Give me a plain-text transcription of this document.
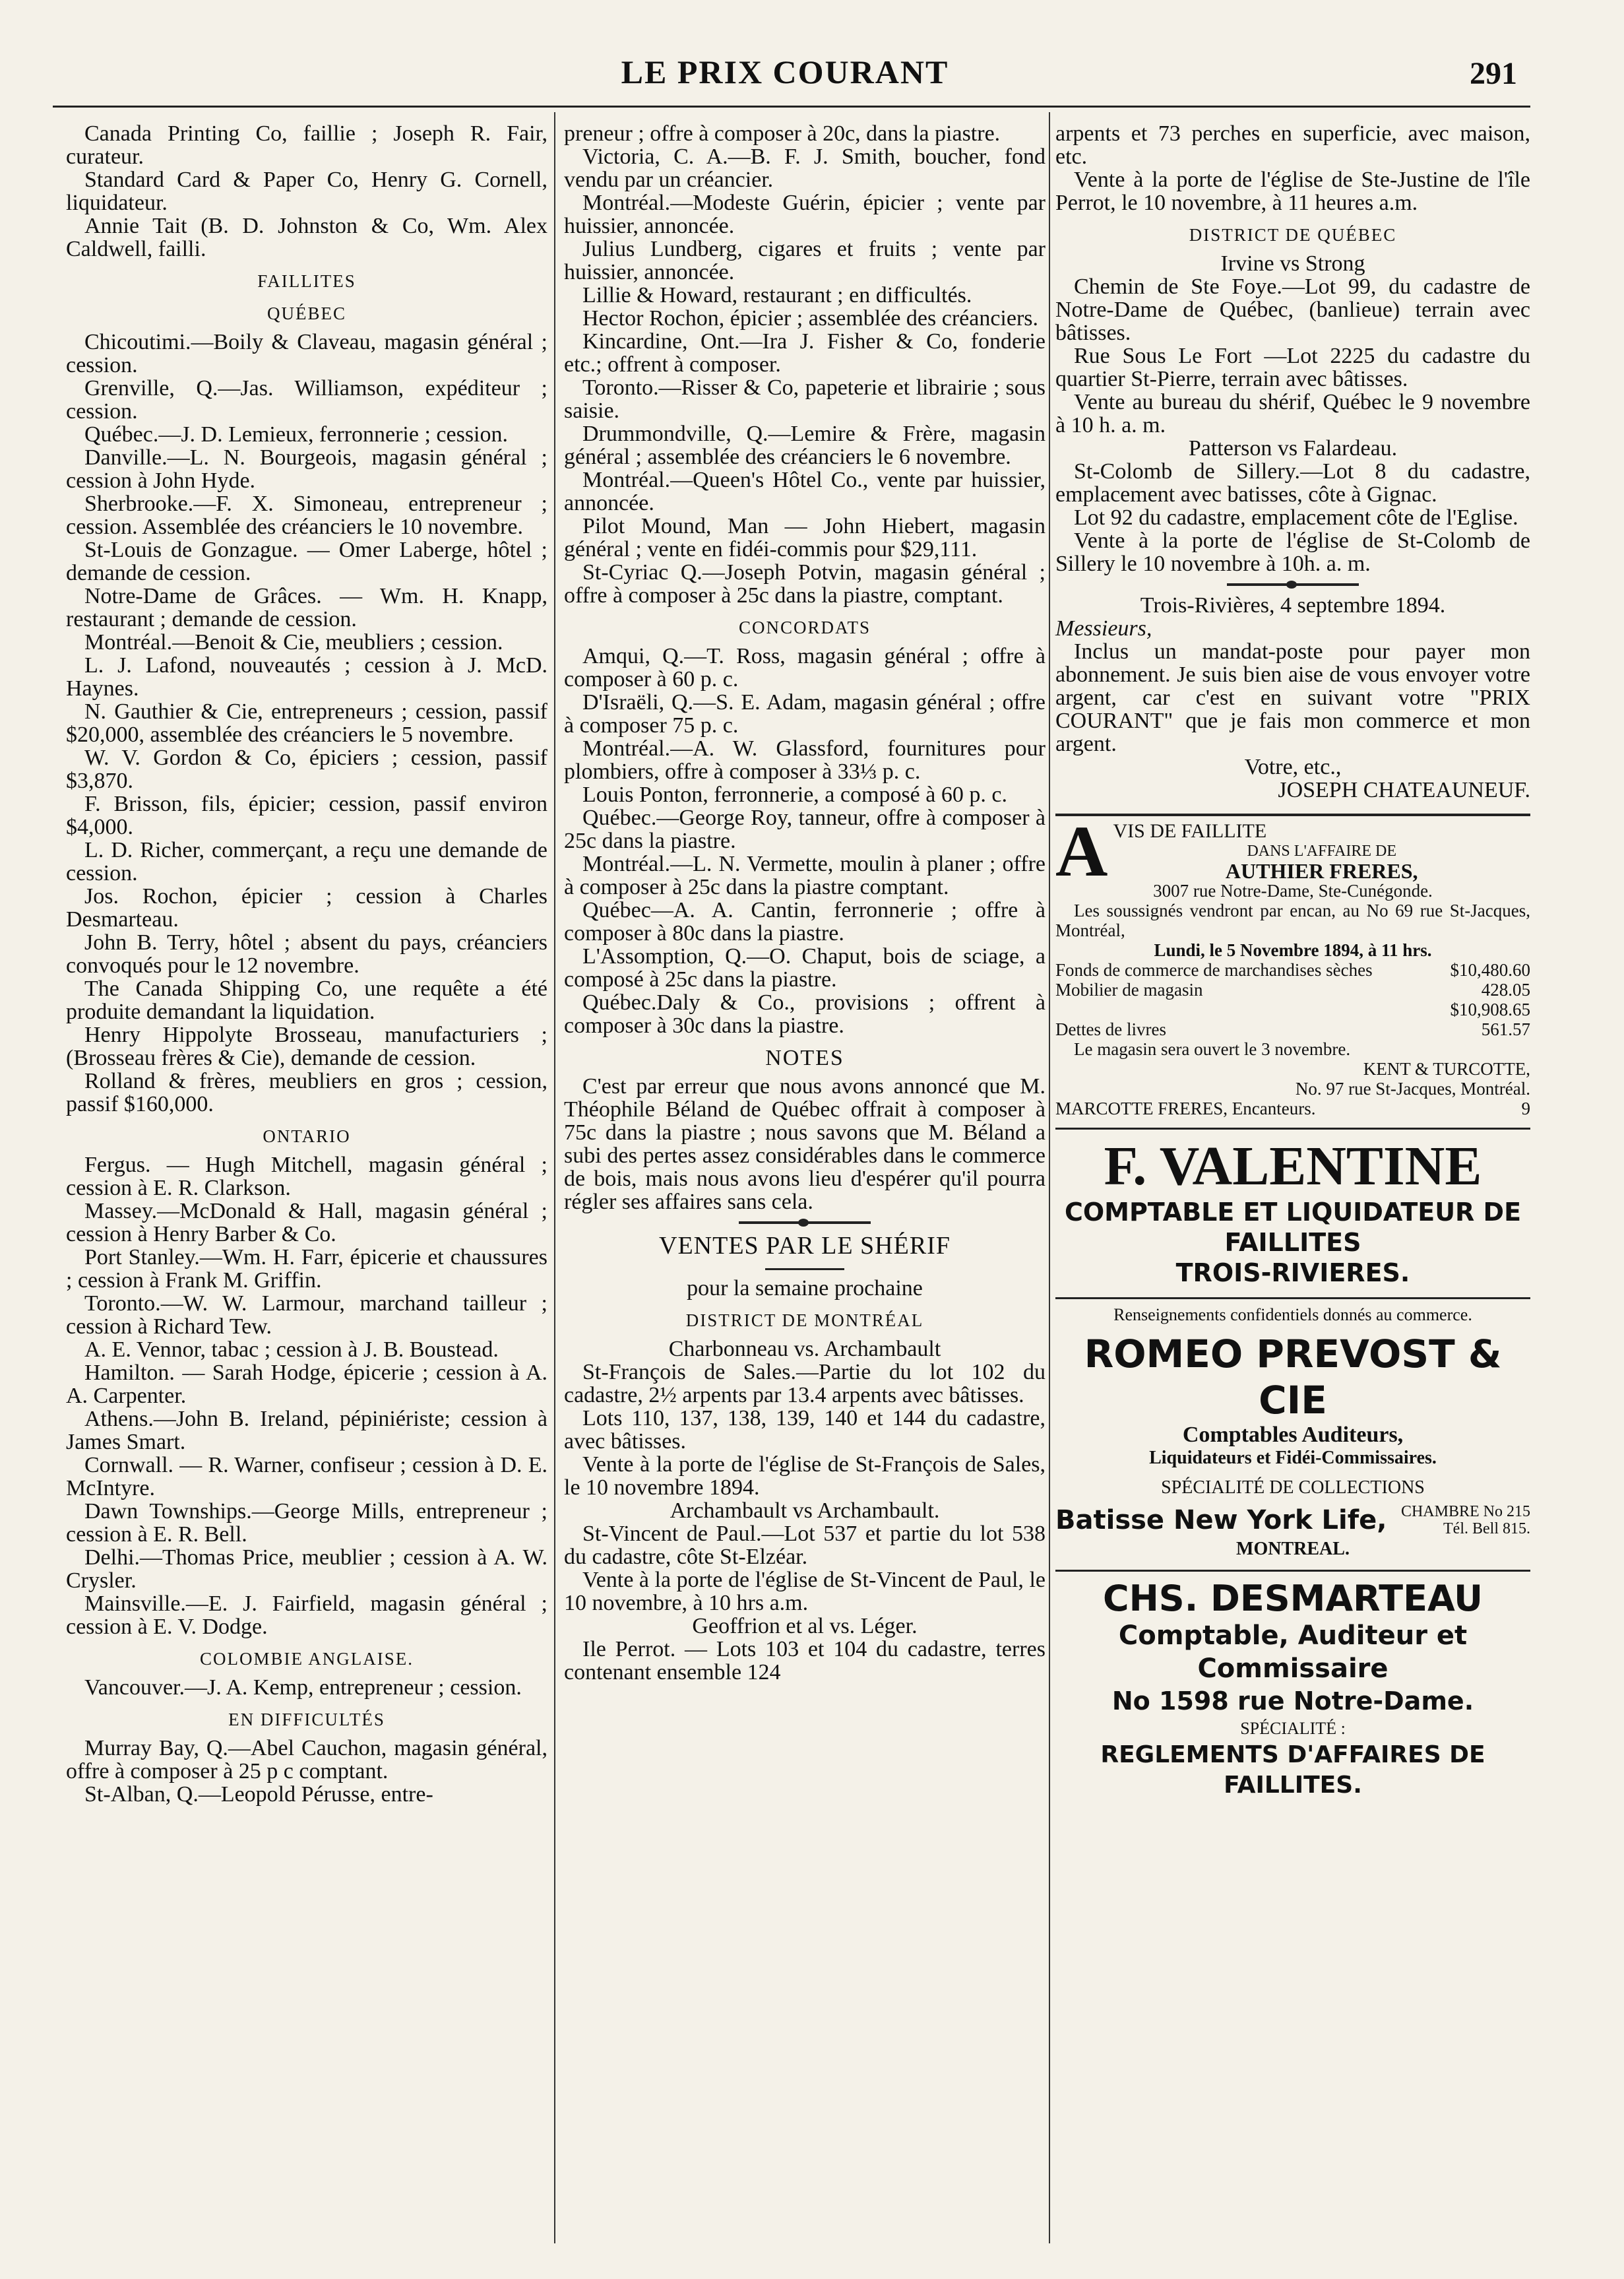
LE PRIX COURANT	291

Canada Printing Co, faillie ; Joseph R. Fair, curateur.

Standard Card & Paper Co, Henry G. Cornell, liquidateur.

Annie Tait (B. D. Johnston & Co, Wm. Alex Caldwell, failli.

FAILLITES

QUÉBEC

Chicoutimi.—Boily & Claveau, magasin général ; cession.

Grenville, Q.—Jas. Williamson, expéditeur ; cession.

Québec.—J. D. Lemieux, ferronnerie ; cession.

Danville.—L. N. Bourgeois, magasin général ; cession à John Hyde.

Sherbrooke.—F. X. Simoneau, entrepreneur ; cession. Assemblée des créanciers le 10 novembre.

St-Louis de Gonzague. — Omer Laberge, hôtel ; demande de cession.

Notre-Dame de Grâces. — Wm. H. Knapp, restaurant ; demande de cession.

Montréal.—Benoit & Cie, meubliers ; cession.

L. J. Lafond, nouveautés ; cession à J. McD. Haynes.

N. Gauthier & Cie, entrepreneurs ; cession, passif $20,000, assemblée des créanciers le 5 novembre.

W. V. Gordon & Co, épiciers ; cession, passif $3,870.

F. Brisson, fils, épicier; cession, passif environ $4,000.

L. D. Richer, commerçant, a reçu une demande de cession.

Jos. Rochon, épicier ; cession à Charles Desmarteau.

John B. Terry, hôtel ; absent du pays, créanciers convoqués pour le 12 novembre.

The Canada Shipping Co, une requête a été produite demandant la liquidation.

Henry Hippolyte Brosseau, manufacturiers ; (Brosseau frères & Cie), demande de cession.

Rolland & frères, meubliers en gros ; cession, passif $160,000.

ONTARIO

Fergus. — Hugh Mitchell, magasin général ; cession à E. R. Clarkson.

Massey.—McDonald & Hall, magasin général ; cession à Henry Barber & Co.

Port Stanley.—Wm. H. Farr, épicerie et chaussures ; cession à Frank M. Griffin.

Toronto.—W. W. Larmour, marchand tailleur ; cession à Richard Tew.

A. E. Vennor, tabac ; cession à J. B. Boustead.

Hamilton. — Sarah Hodge, épicerie ; cession à A. A. Carpenter.

Athens.—John B. Ireland, pépiniériste; cession à James Smart.

Cornwall. — R. Warner, confiseur ; cession à D. E. McIntyre.

Dawn Townships.—George Mills, entrepreneur ; cession à E. R. Bell.

Delhi.—Thomas Price, meublier ; cession à A. W. Crysler.

Mainsville.—E. J. Fairfield, magasin général ; cession à E. V. Dodge.

COLOMBIE ANGLAISE.

Vancouver.—J. A. Kemp, entrepreneur ; cession.

EN DIFFICULTÉS

Murray Bay, Q.—Abel Cauchon, magasin général, offre à composer à 25 p c comptant.

St-Alban, Q.—Leopold Pérusse, entre-

preneur ; offre à composer à 20c, dans la piastre.

Victoria, C. A.—B. F. J. Smith, boucher, fond vendu par un créancier.

Montréal.—Modeste Guérin, épicier ; vente par huissier, annoncée.

Julius Lundberg, cigares et fruits ; vente par huissier, annoncée.

Lillie & Howard, restaurant ; en difficultés.

Hector Rochon, épicier ; assemblée des créanciers.

Kincardine, Ont.—Ira J. Fisher & Co, fonderie etc.; offrent à composer.

Toronto.—Risser & Co, papeterie et librairie ; sous saisie.

Drummondville, Q.—Lemire & Frère, magasin général ; assemblée des créanciers le 6 novembre.

Montréal.—Queen's Hôtel Co., vente par huissier, annoncée.

Pilot Mound, Man — John Hiebert, magasin général ; vente en fidéi-commis pour $29,111.

St-Cyriac Q.—Joseph Potvin, magasin général ; offre à composer à 25c dans la piastre, comptant.

CONCORDATS

Amqui, Q.—T. Ross, magasin général ; offre à composer à 60 p. c.

D'Israëli, Q.—S. E. Adam, magasin général ; offre à composer 75 p. c.

Montréal.—A. W. Glassford, fournitures pour plombiers, offre à composer à 33⅓ p. c.

Louis Ponton, ferronnerie, a composé à 60 p. c.

Québec.—George Roy, tanneur, offre à composer à 25c dans la piastre.

Montréal.—L. N. Vermette, moulin à planer ; offre à composer à 25c dans la piastre comptant.

Québec—A. A. Cantin, ferronnerie ; offre à composer à 80c dans la piastre.

L'Assomption, Q.—O. Chaput, bois de sciage, a composé à 25c dans la piastre.

Québec.Daly & Co., provisions ; offrent à composer à 30c dans la piastre.

NOTES

C'est par erreur que nous avons annoncé que M. Théophile Béland de Québec offrait à composer à 75c dans la piastre ; nous savons que M. Béland a subi des pertes assez considérables dans le commerce de bois, mais nous avons lieu d'espérer qu'il pourra régler ses affaires sans cela.

VENTES PAR LE SHÉRIF

pour la semaine prochaine

DISTRICT DE MONTRÉAL

Charbonneau vs. Archambault

St-François de Sales.—Partie du lot 102 du cadastre, 2½ arpents par 13.4 arpents avec bâtisses.

Lots 110, 137, 138, 139, 140 et 144 du cadastre, avec bâtisses.

Vente à la porte de l'église de St-François de Sales, le 10 novembre 1894.

Archambault vs Archambault.

St-Vincent de Paul.—Lot 537 et partie du lot 538 du cadastre, côte St-Elzéar.

Vente à la porte de l'église de St-Vincent de Paul, le 10 novembre, à 10 hrs a.m.

Geoffrion et al vs. Léger.

Ile Perrot. — Lots 103 et 104 du cadastre, terres contenant ensemble 124

arpents et 73 perches en superficie, avec maison, etc.

Vente à la porte de l'église de Ste-Justine de l'île Perrot, le 10 novembre, à 11 heures a.m.

DISTRICT DE QUÉBEC

Irvine vs Strong

Chemin de Ste Foye.—Lot 99, du cadastre de Notre-Dame de Québec, (banlieue) terrain avec bâtisses.

Rue Sous Le Fort —Lot 2225 du cadastre du quartier St-Pierre, terrain avec bâtisses.

Vente au bureau du shérif, Québec le 9 novembre à 10 h. a. m.

Patterson vs Falardeau.

St-Colomb de Sillery.—Lot 8 du cadastre, emplacement avec batisses, côte à Gignac.

Lot 92 du cadastre, emplacement côte de l'Eglise.

Vente à la porte de l'église de St-Colomb de Sillery le 10 novembre à 10h. a. m.

Trois-Rivières, 4 septembre 1894.

Messieurs,

Inclus un mandat-poste pour payer mon abonnement. Je suis bien aise de vous envoyer votre argent, car c'est en suivant votre "PRIX COURANT" que je fais mon commerce et mon argent.

Votre, etc.,

JOSEPH CHATEAUNEUF.

A VIS DE FAILLITE
DANS L'AFFAIRE DE
AUTHIER FRERES,

3007 rue Notre-Dame, Ste-Cunégonde.

Les soussignés vendront par encan, au No 69 rue St-Jacques, Montréal,

Lundi, le 5 Novembre 1894, à 11 hrs.

Fonds de commerce de marchandises sèches	$10,480.60
Mobilier de magasin	428.05
$10,908.65
Dettes de livres	561.57

Le magasin sera ouvert le 3 novembre.

KENT & TURCOTTE,

No. 97 rue St-Jacques, Montréal.

MARCOTTE FRERES, Encanteurs.	9
F. VALENTINE
COMPTABLE ET LIQUIDATEUR DE FAILLITES
TROIS-RIVIERES.

Renseignements confidentiels donnés au commerce.

ROMEO PREVOST & CIE

Comptables Auditeurs,

Liquidateurs et Fidéi-Commissaires.

SPÉCIALITÉ DE COLLECTIONS

Batisse New York Life, CHAMBRE No 215
Tél. Bell 815.

MONTREAL.

CHS. DESMARTEAU
Comptable, Auditeur et Commissaire
No 1598 rue Notre-Dame.

SPÉCIALITÉ :

REGLEMENTS D'AFFAIRES DE FAILLITES.
